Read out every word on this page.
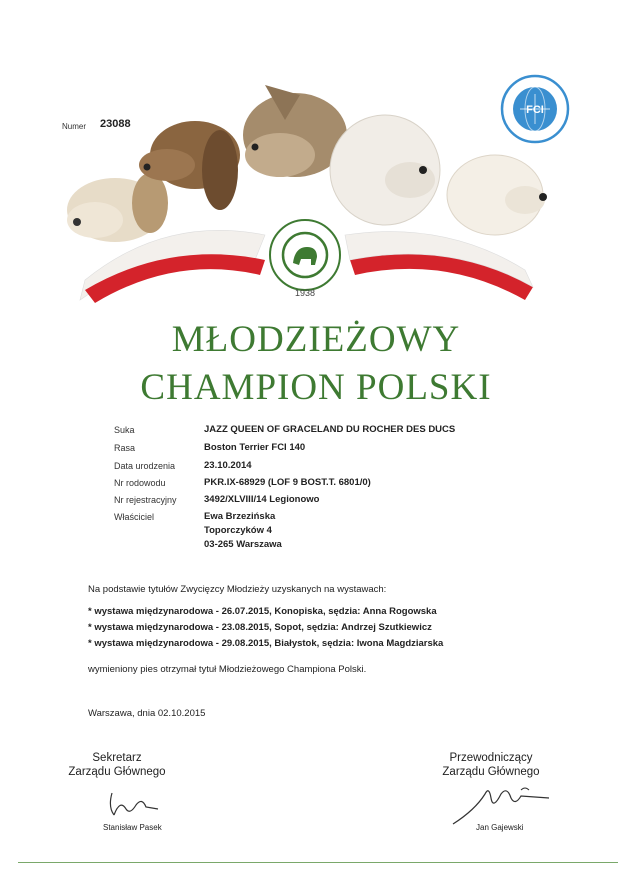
Numer 23088
1938
FCI
MŁODZIEŻOWY
CHAMPION POLSKI
Suka	JAZZ QUEEN OF GRACELAND DU ROCHER DES DUCS
Rasa	Boston Terrier FCI 140
Data urodzenia	23.10.2014
Nr rodowodu	PKR.IX-68929 (LOF 9 BOST.T. 6801/0)
Nr rejestracyjny	3492/XLVIII/14 Legionowo
Właściciel	Ewa Brzezińska
Toporczyków 4
03-265 Warszawa
Na podstawie tytułów Zwycięzcy Młodzieży uzyskanych na wystawach:
* wystawa międzynarodowa - 26.07.2015, Konopiska, sędzia: Anna Rogowska
* wystawa międzynarodowa - 23.08.2015, Sopot, sędzia: Andrzej Szutkiewicz
* wystawa międzynarodowa - 29.08.2015, Białystok, sędzia: Iwona Magdziarska
wymieniony pies otrzymał tytuł Młodzieżowego Championa Polski.
Warszawa, dnia 02.10.2015
Sekretarz
Zarządu Głównego
Stanisław Pasek
Przewodniczący
Zarządu Głównego
Jan Gajewski
